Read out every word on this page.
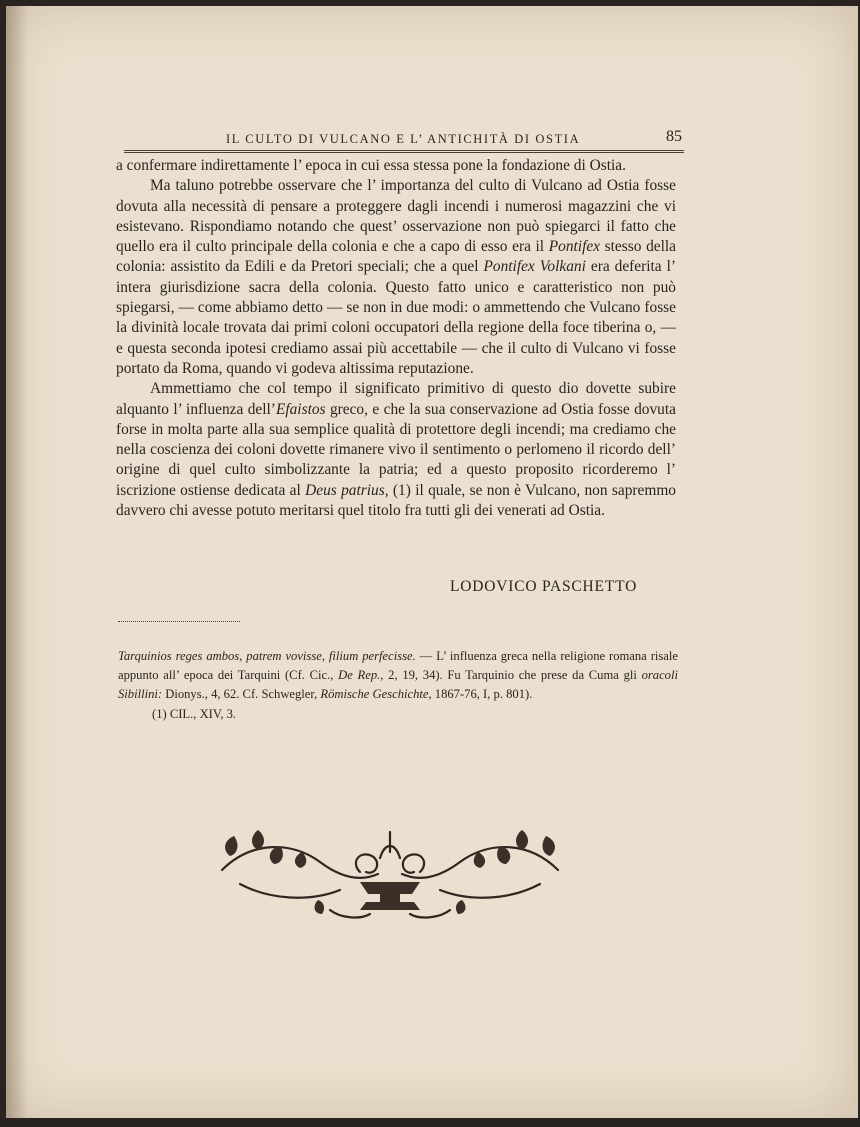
IL CULTO DI VULCANO E L’ ANTICHITÀ DI OSTIA	85

a confermare indirettamente l’ epoca in cui essa stessa pone la fondazione di Ostia.

Ma taluno potrebbe osservare che l’ importanza del culto di Vulcano ad Ostia fosse dovuta alla necessità di pensare a proteggere dagli incendi i numerosi magazzini che vi esistevano. Rispondiamo notando che quest’ osservazione non può spiegarci il fatto che quello era il culto principale della colonia e che a capo di esso era il Pontifex stesso della colonia: assistito da Edili e da Pretori speciali; che a quel Pontifex Volkani era deferita l’ intera giurisdizione sacra della colonia. Questo fatto unico e caratteristico non può spiegarsi, — come abbiamo detto — se non in due modi: o ammettendo che Vulcano fosse la divinità locale trovata dai primi coloni occupatori della regione della foce tiberina o, — e questa seconda ipotesi crediamo assai più accettabile — che il culto di Vulcano vi fosse portato da Roma, quando vi godeva altissima reputazione.

Ammettiamo che col tempo il significato primitivo di questo dio dovette subire alquanto l’ influenza dell’Efaistos greco, e che la sua conservazione ad Ostia fosse dovuta forse in molta parte alla sua semplice qualità di protettore degli incendi; ma crediamo che nella coscienza dei coloni dovette rimanere vivo il sentimento o perlomeno il ricordo dell’ origine di quel culto simbolizzante la patria; ed a questo proposito ricorderemo l’ iscrizione ostiense dedicata al Deus patrius, (1) il quale, se non è Vulcano, non sapremmo davvero chi avesse potuto meritarsi quel titolo fra tutti gli dei venerati ad Ostia.

LODOVICO PASCHETTO

Tarquinios reges ambos, patrem vovisse, filium perfecisse. — L’ influenza greca nella religione romana risale appunto all’ epoca dei Tarquini (Cf. Cic., De Rep., 2, 19, 34). Fu Tarquinio che prese da Cuma gli oracoli Sibillini: Dionys., 4, 62. Cf. Schwegler, Römische Geschichte, 1867-76, I, p. 801).

(1) CIL., XIV, 3.
